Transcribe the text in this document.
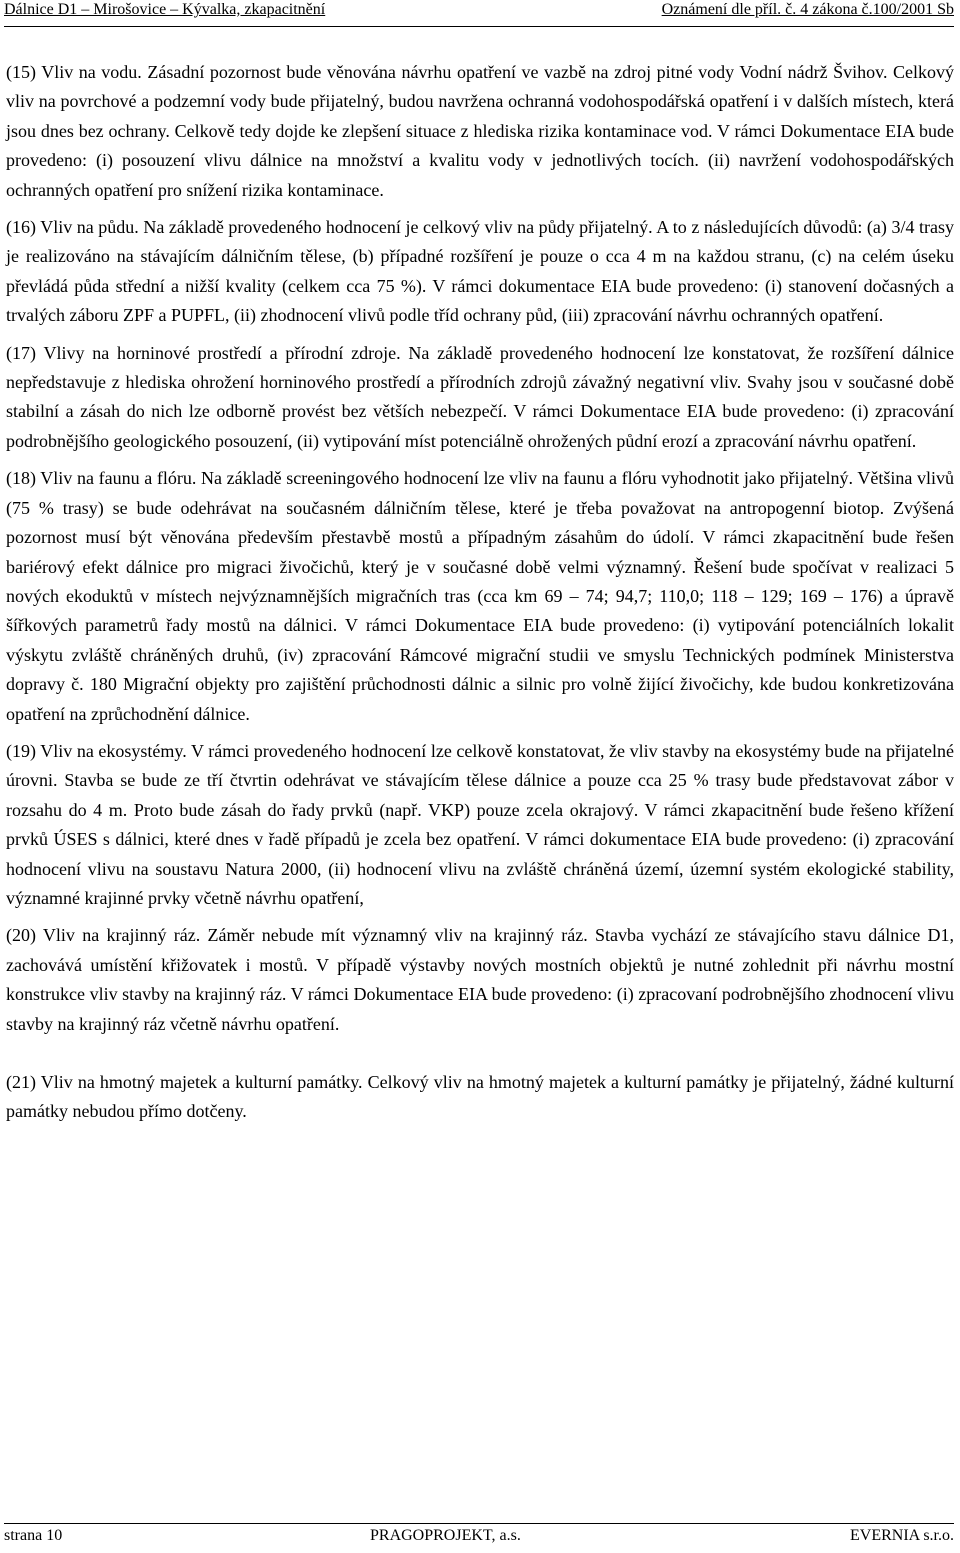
Dálnice D1 – Mirošovice – Kývalka, zkapacitnění	Oznámení dle příl. č. 4 zákona č.100/2001 Sb

(15) Vliv na vodu. Zásadní pozornost bude věnována návrhu opatření ve vazbě na zdroj pitné vody Vodní nádrž Švihov. Celkový vliv na povrchové a podzemní vody bude přijatelný, budou navržena ochranná vodohospodářská opatření i v dalších místech, která jsou dnes bez ochrany. Celkově tedy dojde ke zlepšení situace z hlediska rizika kontaminace vod. V rámci Dokumentace EIA bude provedeno: (i) posouzení vlivu dálnice na množství a kvalitu vody v jednotlivých tocích. (ii) navržení vodohospodářských ochranných opatření pro snížení rizika kontaminace.

(16) Vliv na půdu. Na základě provedeného hodnocení je celkový vliv na půdy přijatelný. A to z následujících důvodů: (a) 3/4 trasy je realizováno na stávajícím dálničním tělese, (b) případné rozšíření je pouze o cca 4 m na každou stranu, (c) na celém úseku převládá půda střední a nižší kvality (celkem cca 75 %). V rámci dokumentace EIA bude provedeno: (i) stanovení dočasných a trvalých záboru ZPF a PUPFL, (ii) zhodnocení vlivů podle tříd ochrany půd, (iii) zpracování návrhu ochranných opatření.

(17) Vlivy na horninové prostředí a přírodní zdroje. Na základě provedeného hodnocení lze konstatovat, že rozšíření dálnice nepředstavuje z hlediska ohrožení horninového prostředí a přírodních zdrojů závažný negativní vliv. Svahy jsou v současné době stabilní a zásah do nich lze odborně provést bez větších nebezpečí. V rámci Dokumentace EIA bude provedeno: (i) zpracování podrobnějšího geologického posouzení, (ii) vytipování míst potenciálně ohrožených půdní erozí a zpracování návrhu opatření.

(18) Vliv na faunu a flóru. Na základě screeningového hodnocení lze vliv na faunu a flóru vyhodnotit jako přijatelný. Většina vlivů (75 % trasy) se bude odehrávat na současném dálničním tělese, které je třeba považovat na antropogenní biotop. Zvýšená pozornost musí být věnována především přestavbě mostů a případným zásahům do údolí. V rámci zkapacitnění bude řešen bariérový efekt dálnice pro migraci živočichů, který je v současné době velmi významný. Řešení bude spočívat v realizaci 5 nových ekoduktů v místech nejvýznamnějších migračních tras (cca km 69 – 74; 94,7; 110,0; 118 – 129; 169 – 176) a úpravě šířkových parametrů řady mostů na dálnici. V rámci Dokumentace EIA bude provedeno: (i) vytipování potenciálních lokalit výskytu zvláště chráněných druhů, (iv) zpracování Rámcové migrační studii ve smyslu Technických podmínek Ministerstva dopravy č. 180 Migrační objekty pro zajištění průchodnosti dálnic a silnic pro volně žijící živočichy, kde budou konkretizována opatření na zprůchodnění dálnice.

(19) Vliv na ekosystémy. V rámci provedeného hodnocení lze celkově konstatovat, že vliv stavby na ekosystémy bude na přijatelné úrovni. Stavba se bude ze tří čtvrtin odehrávat ve stávajícím tělese dálnice a pouze cca 25 % trasy bude představovat zábor v rozsahu do 4 m. Proto bude zásah do řady prvků (např. VKP) pouze zcela okrajový. V rámci zkapacitnění bude řešeno křížení prvků ÚSES s dálnici, které dnes v řadě případů je zcela bez opatření. V rámci dokumentace EIA bude provedeno: (i) zpracování hodnocení vlivu na soustavu Natura 2000, (ii) hodnocení vlivu na zvláště chráněná území, územní systém ekologické stability, významné krajinné prvky včetně návrhu opatření,

(20) Vliv na krajinný ráz. Záměr nebude mít významný vliv na krajinný ráz. Stavba vychází ze stávajícího stavu dálnice D1, zachovává umístění křižovatek i mostů. V případě výstavby nových mostních objektů je nutné zohlednit při návrhu mostní konstrukce vliv stavby na krajinný ráz. V rámci Dokumentace EIA bude provedeno: (i) zpracovaní podrobnějšího zhodnocení vlivu stavby na krajinný ráz včetně návrhu opatření.

(21) Vliv na hmotný majetek a kulturní památky. Celkový vliv na hmotný majetek a kulturní památky je přijatelný, žádné kulturní památky nebudou přímo dotčeny.

strana 10	PRAGOPROJEKT, a.s.	EVERNIA s.r.o.
